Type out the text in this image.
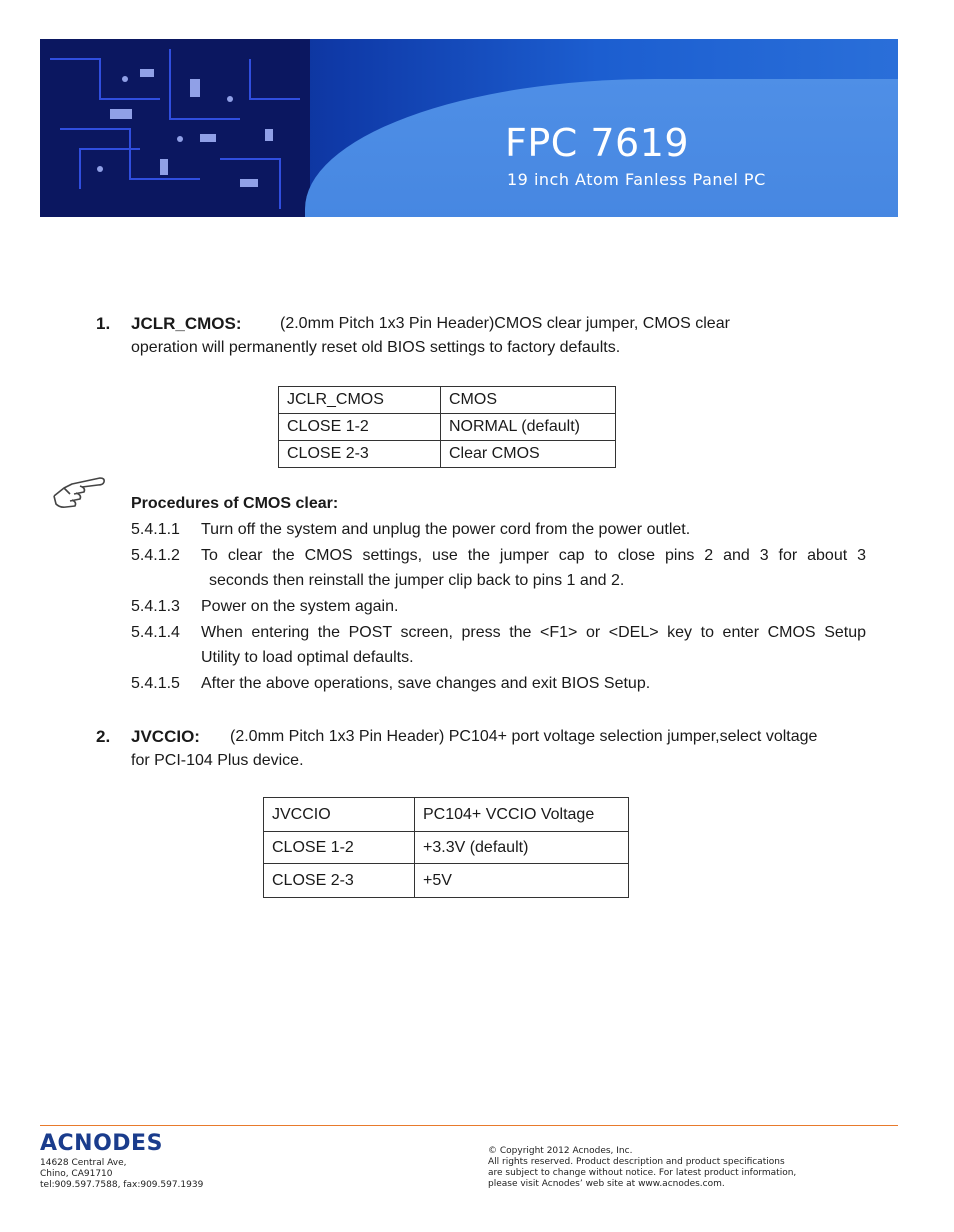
FPC 7619
19 inch Atom Fanless Panel PC
1. JCLR_CMOS: (2.0mm Pitch 1x3 Pin Header)CMOS clear jumper, CMOS clear
operation will permanently reset old BIOS settings to factory defaults.
JCLR_CMOS	CMOS
CLOSE 1-2	NORMAL (default)
CLOSE 2-3	Clear CMOS
Procedures of CMOS clear:
5.4.1.1 Turn off the system and unplug the power cord from the power outlet.
5.4.1.2 To clear the CMOS settings, use the jumper cap to close pins 2 and 3 for about 3
seconds then reinstall the jumper clip back to pins 1 and 2.
5.4.1.3 Power on the system again.
5.4.1.4 When entering the POST screen, press the <F1> or <DEL> key to enter CMOS Setup
Utility to load optimal defaults.
5.4.1.5 After the above operations, save changes and exit BIOS Setup.
2. JVCCIO: (2.0mm Pitch 1x3 Pin Header) PC104+ port voltage selection jumper,select voltage
for PCI-104 Plus device.
JVCCIO	PC104+ VCCIO Voltage
CLOSE 1-2	+3.3V (default)
CLOSE 2-3	+5V
ACNODES
14628 Central Ave,
Chino, CA91710
tel:909.597.7588, fax:909.597.1939
© Copyright 2012 Acnodes, Inc.
All rights reserved. Product description and product specifications
are subject to change without notice. For latest product information,
please visit Acnodes’ web site at www.acnodes.com.
